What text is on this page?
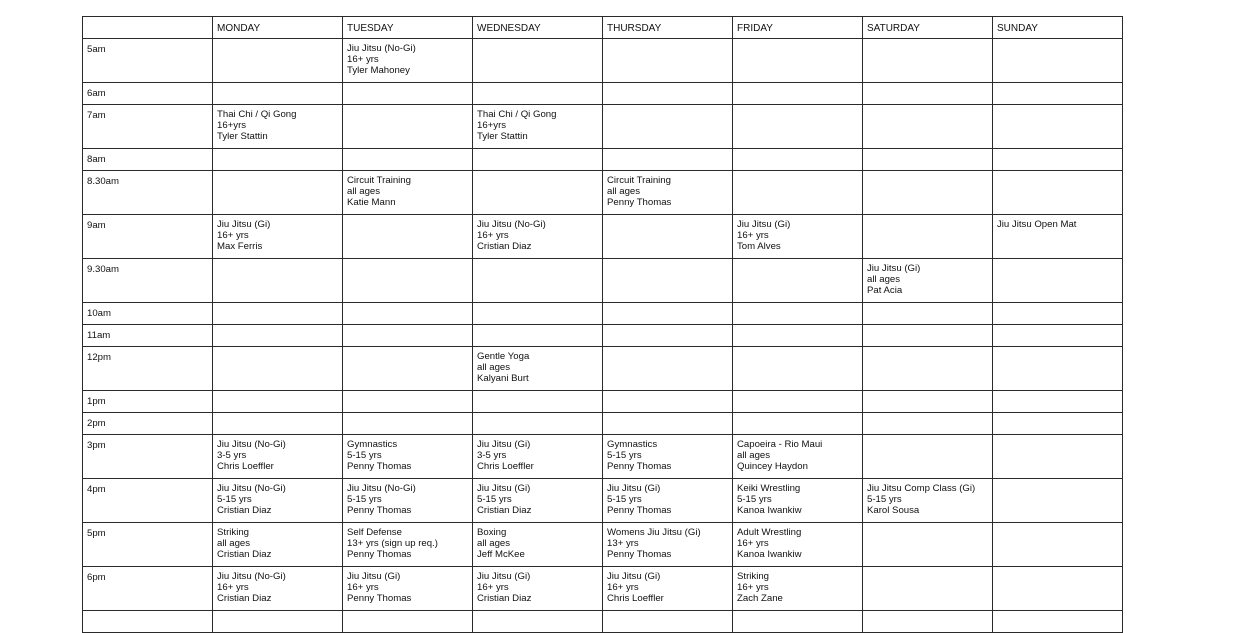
	MONDAY	TUESDAY	WEDNESDAY	THURSDAY	FRIDAY	SATURDAY	SUNDAY

5am		Jiu Jitsu (No-Gi)
16+ yrs
Tyler Mahoney					

6am							

7am	Thai Chi / Qi Gong
16+yrs
Tyler Stattin		Thai Chi / Qi Gong
16+yrs
Tyler Stattin				

8am							

8.30am		Circuit Training
all ages
Katie Mann		Circuit Training
all ages
Penny Thomas			

9am	Jiu Jitsu (Gi)
16+ yrs
Max Ferris		Jiu Jitsu (No-Gi)
16+ yrs
Cristian Diaz		Jiu Jitsu (Gi)
16+ yrs
Tom Alves		Jiu Jitsu Open Mat

9.30am						Jiu Jitsu (Gi)
all ages
Pat Acia	

10am							

11am							

12pm			Gentle Yoga
all ages
Kalyani Burt				

1pm							

2pm							

3pm	Jiu Jitsu (No-Gi)
3-5 yrs
Chris Loeffler	Gymnastics
5-15 yrs
Penny Thomas	Jiu Jitsu (Gi)
3-5 yrs
Chris Loeffler	Gymnastics
5-15 yrs
Penny Thomas	Capoeira - Rio Maui
all ages
Quincey Haydon		

4pm	Jiu Jitsu (No-Gi)
5-15 yrs
Cristian Diaz	Jiu Jitsu (No-Gi)
5-15 yrs
Penny Thomas	Jiu Jitsu (Gi)
5-15 yrs
Cristian Diaz	Jiu Jitsu (Gi)
5-15 yrs
Penny Thomas	Keiki Wrestling
5-15 yrs
Kanoa Iwankiw	Jiu Jitsu Comp Class (Gi)
5-15 yrs
Karol Sousa	

5pm	Striking
all ages
Cristian Diaz	Self Defense
13+ yrs (sign up req.)
Penny Thomas	Boxing
all ages
Jeff McKee	Womens Jiu Jitsu (Gi)
13+ yrs
Penny Thomas	Adult Wrestling
16+ yrs
Kanoa Iwankiw		

6pm	Jiu Jitsu (No-Gi)
16+ yrs
Cristian Diaz	Jiu Jitsu (Gi)
16+ yrs
Penny Thomas	Jiu Jitsu (Gi)
16+ yrs
Cristian Diaz	Jiu Jitsu (Gi)
16+ yrs
Chris Loeffler	Striking
16+ yrs
Zach Zane		
